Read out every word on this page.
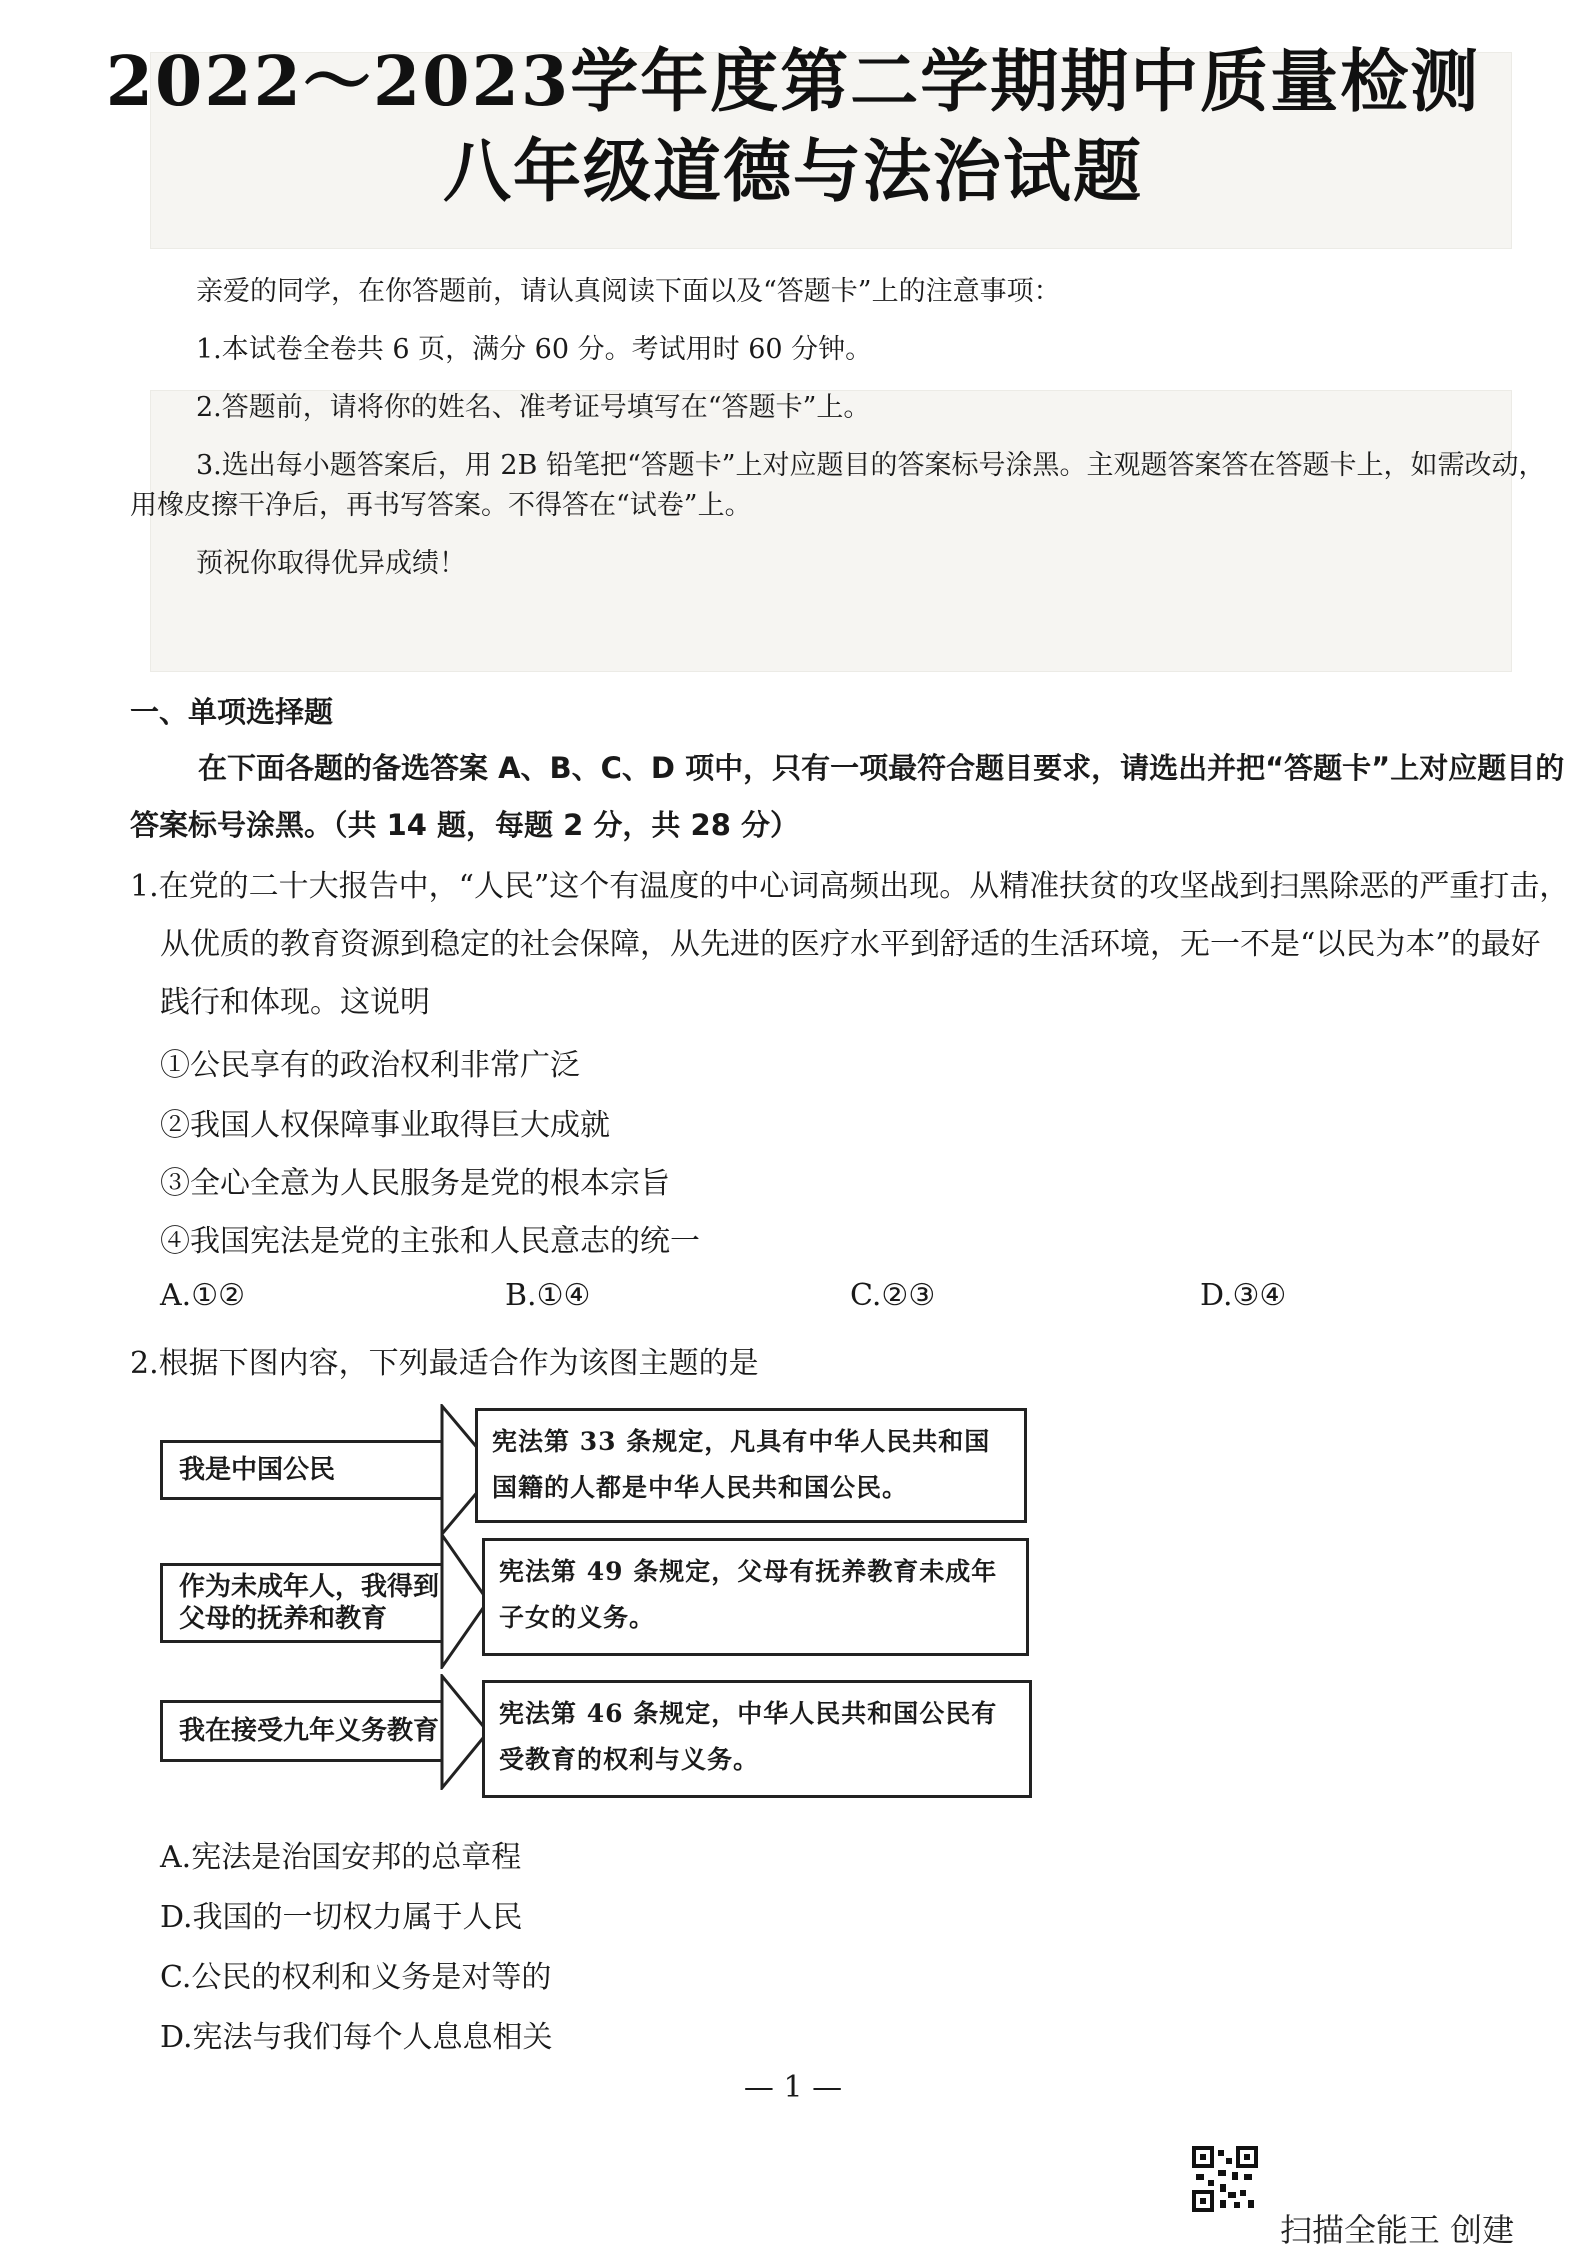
2022～2023学年度第二学期期中质量检测
八年级道德与法治试题

亲爱的同学，在你答题前，请认真阅读下面以及“答题卡”上的注意事项：

1.本试卷全卷共 6 页，满分 60 分。考试用时 60 分钟。

2.答题前，请将你的姓名、准考证号填写在“答题卡”上。

3.选出每小题答案后，用 2B 铅笔把“答题卡”上对应题目的答案标号涂黑。主观题答案答在答题卡上，如需改动，用橡皮擦干净后，再书写答案。不得答在“试卷”上。

预祝你取得优异成绩！

一、单项选择题
在下面各题的备选答案 A、B、C、D 项中，只有一项最符合题目要求，请选出并把“答题卡”上对应题目的答案标号涂黑。（共 14 题，每题 2 分，共 28 分）
1.在党的二十大报告中，“人民”这个有温度的中心词高频出现。从精准扶贫的攻坚战到扫黑除恶的严重打击，从优质的教育资源到稳定的社会保障，从先进的医疗水平到舒适的生活环境，无一不是“以民为本”的最好践行和体现。这说明
①公民享有的政治权利非常广泛
②我国人权保障事业取得巨大成就
③全心全意为人民服务是党的根本宗旨
④我国宪法是党的主张和人民意志的统一
A.①②	B.①④	C.②③	D.③④
2.根据下图内容，下列最适合作为该图主题的是
我是中国公民
宪法第 33 条规定，凡具有中华人民共和国国籍的人都是中华人民共和国公民。
作为未成年人，我得到父母的抚养和教育
宪法第 49 条规定，父母有抚养教育未成年子女的义务。
我在接受九年义务教育
宪法第 46 条规定，中华人民共和国公民有受教育的权利与义务。
A.宪法是治国安邦的总章程
D.我国的一切权力属于人民
C.公民的权利和义务是对等的
D.宪法与我们每个人息息相关
— 1 —
扫描全能王 创建
